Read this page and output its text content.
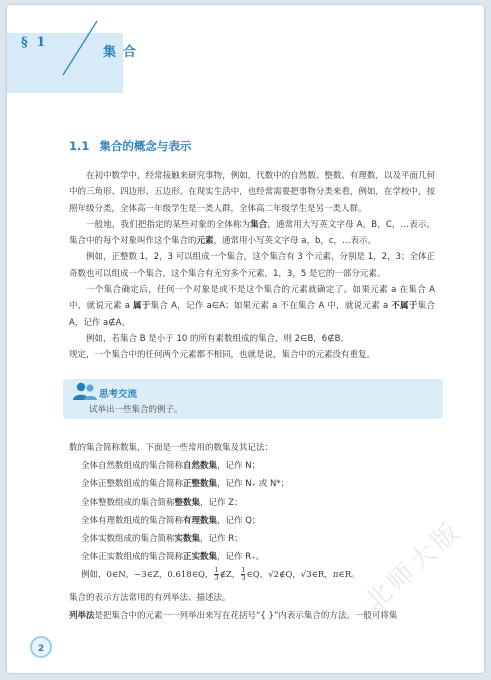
§ 1
集合
1.1 集合的概念与表示

在初中数学中，经常接触来研究事物，例如，代数中的自然数、整数、有理数，以及平面几何中的三角形、四边形、五边形。在现实生活中，也经常需要把事物分类来看，例如，在学校中，按照年级分类，全体高一年级学生是一类人群，全体高二年级学生是另一类人群。

一般地，我们把指定的某些对象的全体称为集合，通常用大写英文字母 A，B，C，…表示。集合中的每个对象叫作这个集合的元素，通常用小写英文字母 a，b，c，…表示。

例如，正整数 1，2，3 可以组成一个集合，这个集合有 3 个元素，分别是 1，2，3；全体正奇数也可以组成一个集合，这个集合有无穷多个元素，1，3，5 是它的一部分元素。

一个集合确定后，任何一个对象是或不是这个集合的元素就确定了。如果元素 a 在集合 A 中，就说元素 a 属于集合 A，记作 a∈A；如果元素 a 不在集合 A 中，就说元素 a 不属于集合 A，记作 a∉A。

例如，若集合 B 是小于 10 的所有素数组成的集合，则 2∈B，6∉B。

规定，一个集合中的任何两个元素都不相同，也就是说，集合中的元素没有重复。

思考交流
试举出一些集合的例子。
数的集合简称数集，下面是一些常用的数集及其记法：
全体自然数组成的集合简称自然数集，记作 N；
全体正整数组成的集合简称正整数集，记作 N₊ 或 N*；
全体整数组成的集合简称整数集，记作 Z；
全体有理数组成的集合简称有理数集，记作 Q；
全体实数组成的集合简称实数集，记作 R；
全体正实数组成的集合简称正实数集，记作 R₊。
例如，0∈N，−3∈Z，0.618∈Q， $\frac{1}{3}$ ∉Z， $\frac{1}{3}$ ∈Q，√2∉Q，√3∈R，π∈R。
集合的表示方法常用的有列举法、描述法。
列举法是把集合中的元素一一列举出来写在花括号“{ }”内表示集合的方法。一般可将集
北师大版
2
